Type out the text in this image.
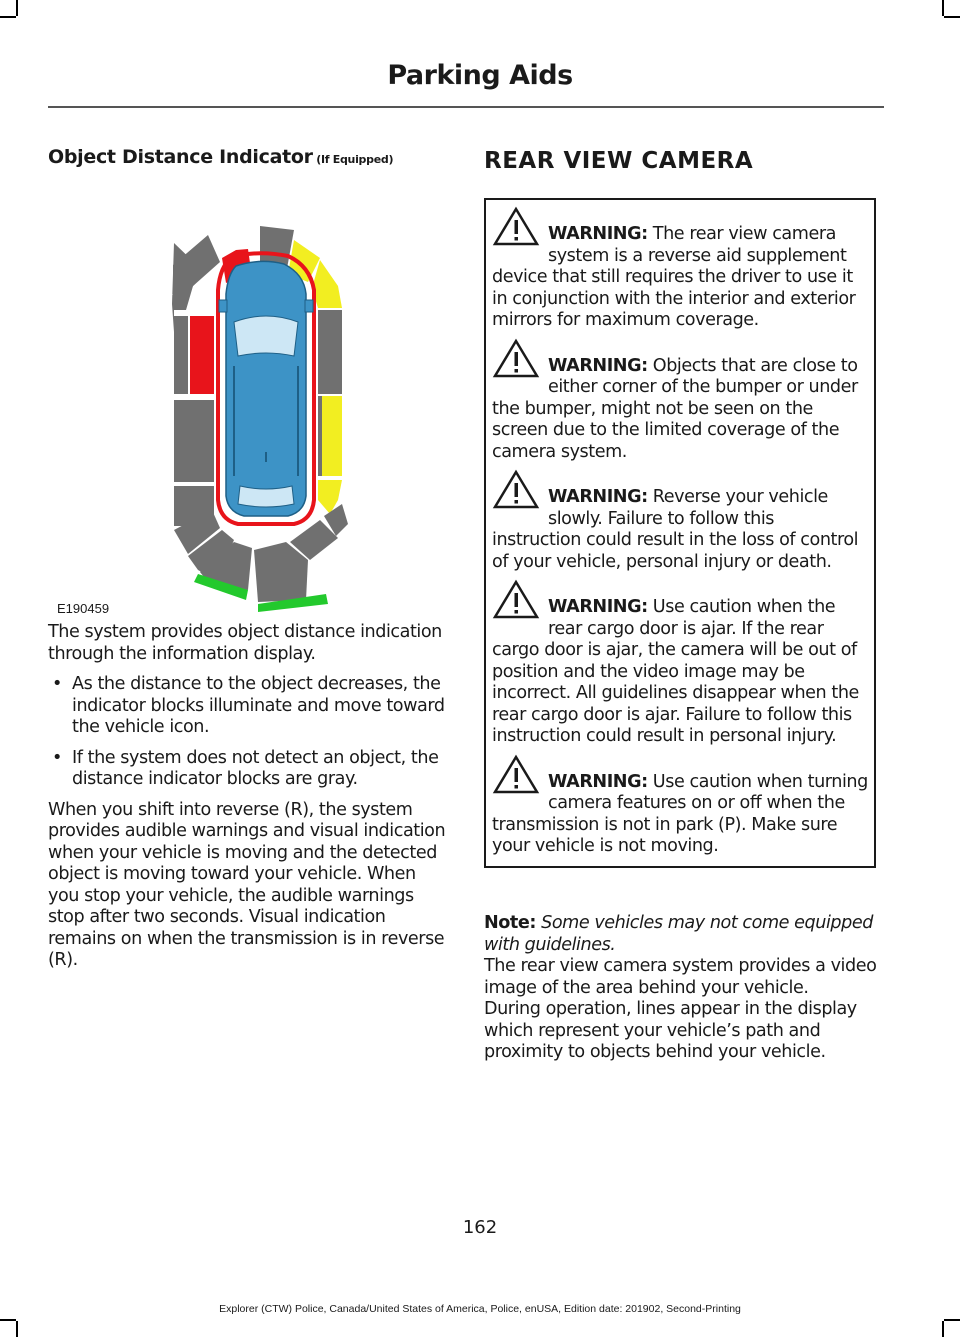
Parking Aids
Object Distance Indicator (If Equipped)
E190459

The system provides object distance indication through the information display.

• As the distance to the object decreases, the indicator blocks illuminate and move toward the vehicle icon.
• If the system does not detect an object, the distance indicator blocks are gray.

When you shift into reverse (R), the system provides audible warnings and visual indication when your vehicle is moving and the detected object is moving toward your vehicle. When you stop your vehicle, the audible warnings stop after two seconds. Visual indication remains on when the transmission is in reverse (R).

REAR VIEW CAMERA
WARNING: The rear view camera system is a reverse aid supplement device that still requires the driver to use it in conjunction with the interior and exterior mirrors for maximum coverage.
WARNING: Objects that are close to either corner of the bumper or under the bumper, might not be seen on the screen due to the limited coverage of the camera system.
WARNING: Reverse your vehicle slowly. Failure to follow this instruction could result in the loss of control of your vehicle, personal injury or death.
WARNING: Use caution when the rear cargo door is ajar. If the rear cargo door is ajar, the camera will be out of position and the video image may be incorrect. All guidelines disappear when the rear cargo door is ajar. Failure to follow this instruction could result in personal injury.
WARNING: Use caution when turning camera features on or off when the transmission is not in park (P). Make sure your vehicle is not moving.

Note: Some vehicles may not come equipped with guidelines.

The rear view camera system provides a video image of the area behind your vehicle.

During operation, lines appear in the display which represent your vehicle’s path and proximity to objects behind your vehicle.

162
Explorer (CTW) Police, Canada/United States of America, Police, enUSA, Edition date: 201902, Second-Printing
